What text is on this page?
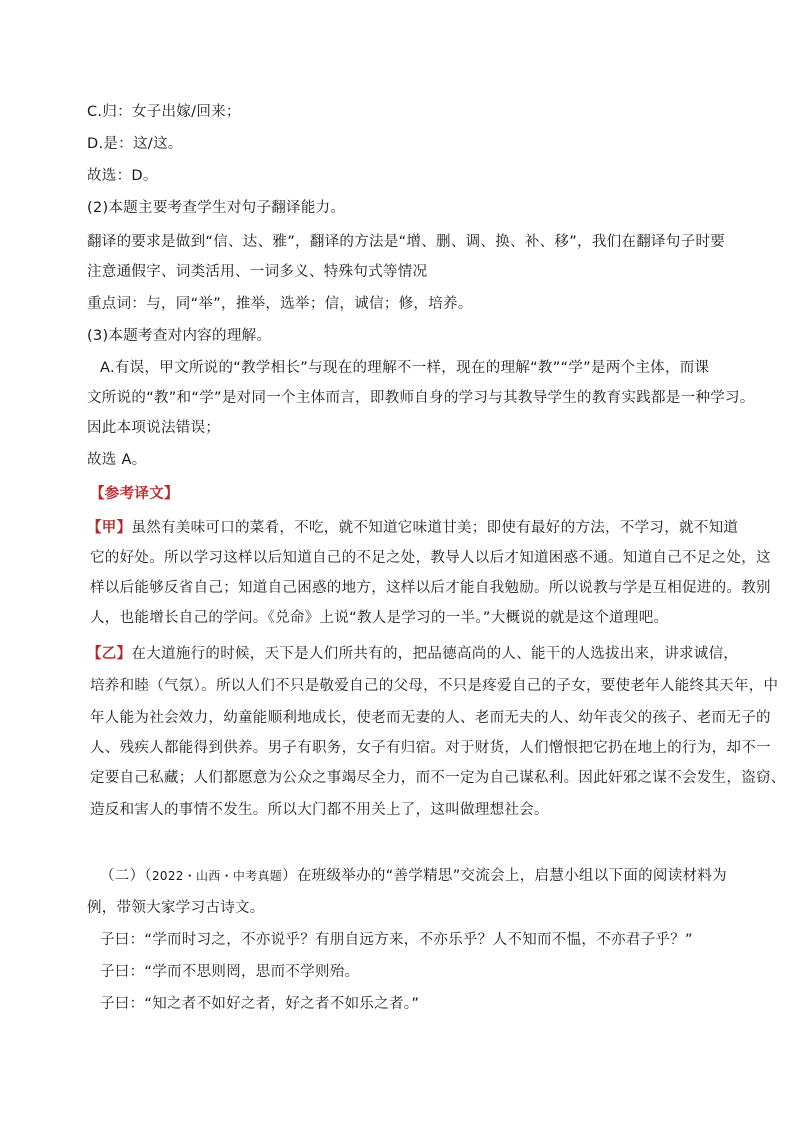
C.归：女子出嫁/回来；
D.是：这/这。
故选：D。
(2)本题主要考查学生对句子翻译能力。
翻译的要求是做到“信、达、雅”，翻译的方法是“增、删、调、换、补、移”，我们在翻译句子时要
注意通假字、词类活用、一词多义、特殊句式等情况
重点词：与，同“举”，推举，选举；信，诚信；修，培养。
(3)本题考查对内容的理解。
A.有误，甲文所说的“教学相长”与现在的理解不一样，现在的理解“教”“学”是两个主体，而课
文所说的“教”和“学”是对同一个主体而言，即教师自身的学习与其教导学生的教育实践都是一种学习。
因此本项说法错误；
故选 A。
【参考译文】
【甲】虽然有美味可口的菜肴，不吃，就不知道它味道甘美；即使有最好的方法，不学习，就不知道
它的好处。所以学习这样以后知道自己的不足之处，教导人以后才知道困惑不通。知道自己不足之处，这
样以后能够反省自己；知道自己困惑的地方，这样以后才能自我勉励。所以说教与学是互相促进的。教别
人，也能增长自己的学问。《兑命》上说“教人是学习的一半。”大概说的就是这个道理吧。
【乙】在大道施行的时候，天下是人们所共有的，把品德高尚的人、能干的人选拔出来，讲求诚信，
培养和睦（气氛）。所以人们不只是敬爱自己的父母，不只是疼爱自己的子女，要使老年人能终其天年，中
年人能为社会效力，幼童能顺利地成长，使老而无妻的人、老而无夫的人、幼年丧父的孩子、老而无子的
人、残疾人都能得到供养。男子有职务，女子有归宿。对于财货，人们憎恨把它扔在地上的行为，却不一
定要自己私藏；人们都愿意为公众之事竭尽全力，而不一定为自己谋私利。因此奸邪之谋不会发生，盗窃、
造反和害人的事情不发生。所以大门都不用关上了，这叫做理想社会。
（二）（2022・山西・中考真题）在班级举办的“善学精思”交流会上，启慧小组以下面的阅读材料为
例，带领大家学习古诗文。
子曰：“学而时习之，不亦说乎？有朋自远方来，不亦乐乎？人不知而不愠，不亦君子乎？”
子曰：“学而不思则罔，思而不学则殆。
子曰：“知之者不如好之者，好之者不如乐之者。”
